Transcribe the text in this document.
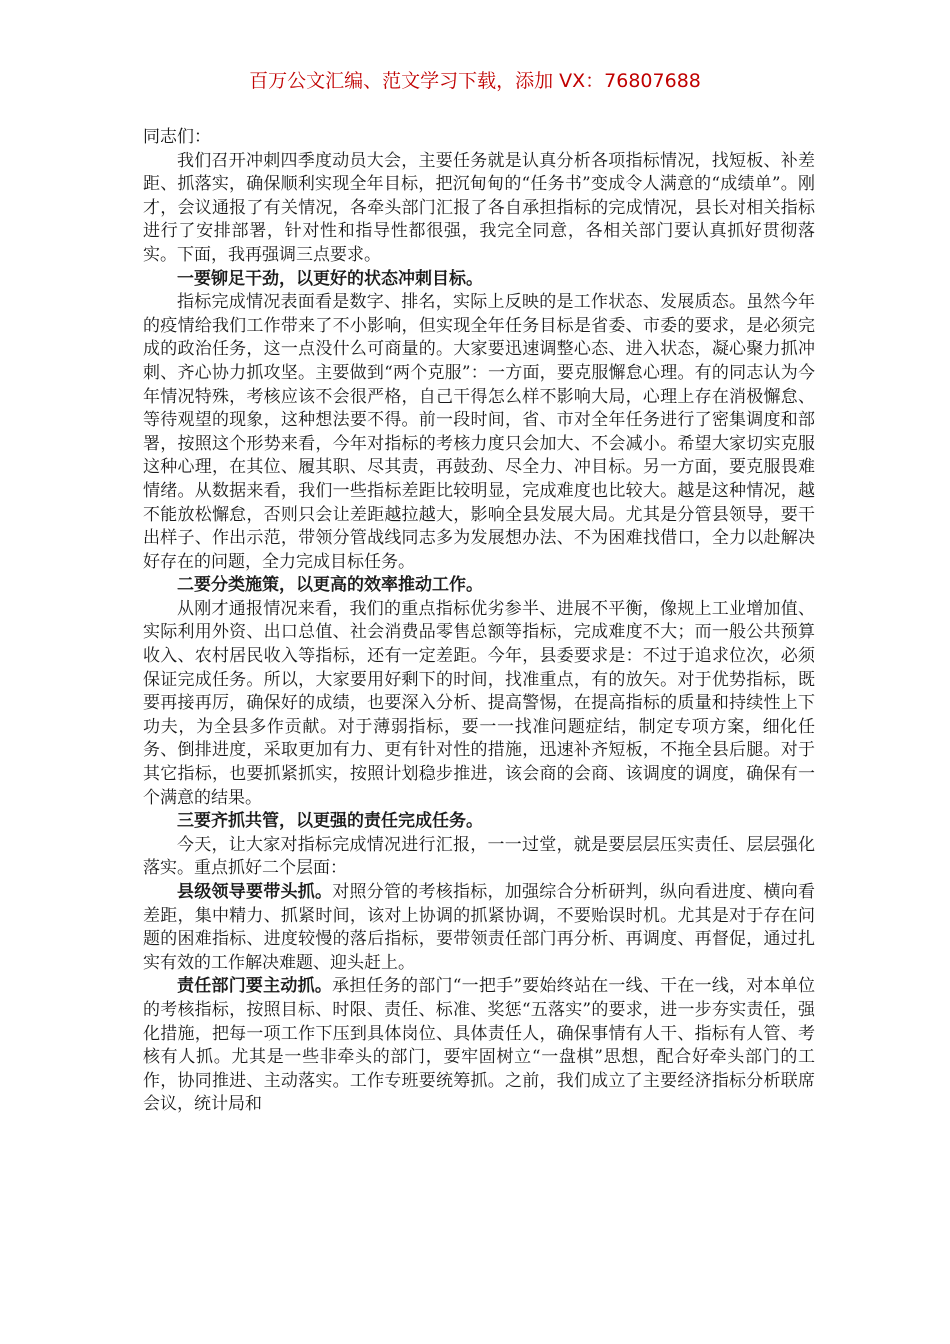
百万公文汇编、范文学习下载，添加 VX：76807688

同志们：

我们召开冲刺四季度动员大会，主要任务就是认真分析各项指标情况，找短板、补差距、抓落实，确保顺利实现全年目标，把沉甸甸的“任务书”变成令人满意的“成绩单”。刚才，会议通报了有关情况，各牵头部门汇报了各自承担指标的完成情况，县长对相关指标进行了安排部署，针对性和指导性都很强，我完全同意，各相关部门要认真抓好贯彻落实。下面，我再强调三点要求。

一要铆足干劲，以更好的状态冲刺目标。

指标完成情况表面看是数字、排名，实际上反映的是工作状态、发展质态。虽然今年的疫情给我们工作带来了不小影响，但实现全年任务目标是省委、市委的要求，是必须完成的政治任务，这一点没什么可商量的。大家要迅速调整心态、进入状态，凝心聚力抓冲刺、齐心协力抓攻坚。主要做到“两个克服”：一方面，要克服懈怠心理。有的同志认为今年情况特殊，考核应该不会很严格，自己干得怎么样不影响大局，心理上存在消极懈怠、等待观望的现象，这种想法要不得。前一段时间，省、市对全年任务进行了密集调度和部署，按照这个形势来看，今年对指标的考核力度只会加大、不会减小。希望大家切实克服这种心理，在其位、履其职、尽其责，再鼓劲、尽全力、冲目标。另一方面，要克服畏难情绪。从数据来看，我们一些指标差距比较明显，完成难度也比较大。越是这种情况，越不能放松懈怠，否则只会让差距越拉越大，影响全县发展大局。尤其是分管县领导，要干出样子、作出示范，带领分管战线同志多为发展想办法、不为困难找借口，全力以赴解决好存在的问题，全力完成目标任务。

二要分类施策，以更高的效率推动工作。

从刚才通报情况来看，我们的重点指标优劣参半、进展不平衡，像规上工业增加值、实际利用外资、出口总值、社会消费品零售总额等指标，完成难度不大；而一般公共预算收入、农村居民收入等指标，还有一定差距。今年，县委要求是：不过于追求位次，必须保证完成任务。所以，大家要用好剩下的时间，找准重点，有的放矢。对于优势指标，既要再接再厉，确保好的成绩，也要深入分析、提高警惕，在提高指标的质量和持续性上下功夫，为全县多作贡献。对于薄弱指标，要一一找准问题症结，制定专项方案，细化任务、倒排进度，采取更加有力、更有针对性的措施，迅速补齐短板，不拖全县后腿。对于其它指标，也要抓紧抓实，按照计划稳步推进，该会商的会商、该调度的调度，确保有一个满意的结果。

三要齐抓共管，以更强的责任完成任务。

今天，让大家对指标完成情况进行汇报，一一过堂，就是要层层压实责任、层层强化落实。重点抓好二个层面：

县级领导要带头抓。对照分管的考核指标，加强综合分析研判，纵向看进度、横向看差距，集中精力、抓紧时间，该对上协调的抓紧协调，不要贻误时机。尤其是对于存在问题的困难指标、进度较慢的落后指标，要带领责任部门再分析、再调度、再督促，通过扎实有效的工作解决难题、迎头赶上。

责任部门要主动抓。承担任务的部门“一把手”要始终站在一线、干在一线，对本单位的考核指标，按照目标、时限、责任、标准、奖惩“五落实”的要求，进一步夯实责任，强化措施，把每一项工作下压到具体岗位、具体责任人，确保事情有人干、指标有人管、考核有人抓。尤其是一些非牵头的部门，要牢固树立“一盘棋”思想，配合好牵头部门的工作，协同推进、主动落实。工作专班要统筹抓。之前，我们成立了主要经济指标分析联席会议，统计局和
